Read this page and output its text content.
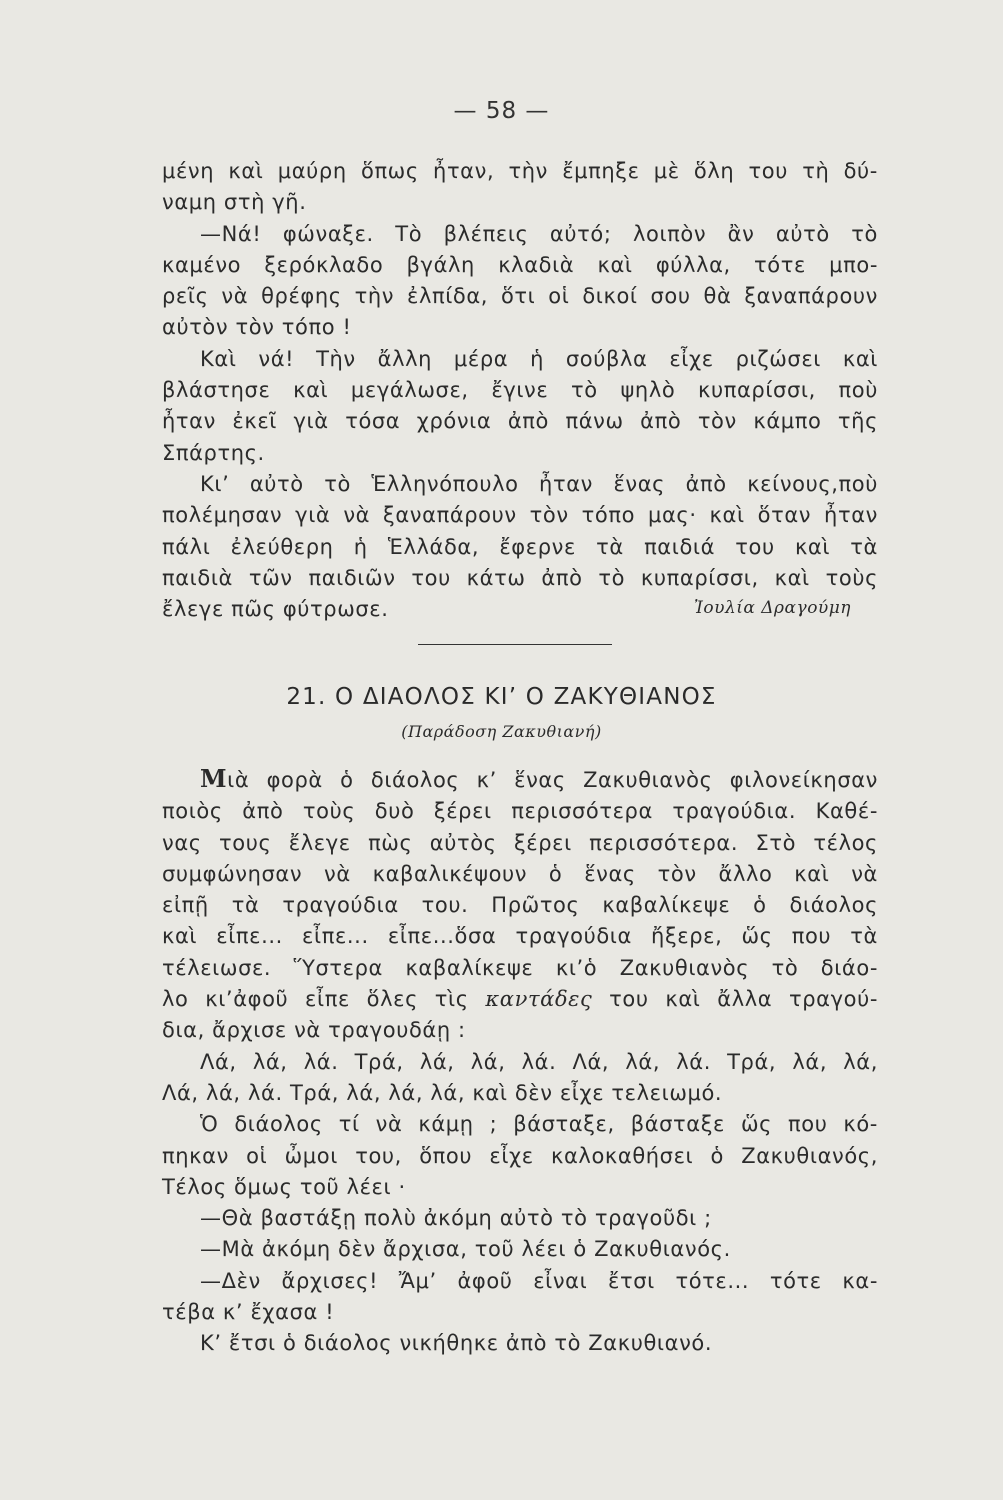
— 58 —
μένη καὶ μαύρη ὅπως ἦταν, τὴν ἔμπηξε μὲ ὅλη του τὴ δύ-
ναμη στὴ γῆ.
—Νά! φώναξε. Τὸ βλέπεις αὐτό; λοιπὸν ἂν αὐτὸ τὸ
καμένο ξερόκλαδο βγάλη κλαδιὰ καὶ φύλλα, τότε μπο-
ρεῖς νὰ θρέφης τὴν ἐλπίδα, ὅτι οἱ δικοί σου θὰ ξαναπάρουν
αὐτὸν τὸν τόπο !
Καὶ νά! Τὴν ἄλλη μέρα ἡ σούβλα εἶχε ριζώσει καὶ
βλάστησε καὶ μεγάλωσε, ἔγινε τὸ ψηλὸ κυπαρίσσι, ποὺ
ἦταν ἐκεῖ γιὰ τόσα χρόνια ἀπὸ πάνω ἀπὸ τὸν κάμπο τῆς
Σπάρτης.
Κι’ αὐτὸ τὸ Ἑλληνόπουλο ἦταν ἕνας ἀπὸ κείνους,ποὺ
πολέμησαν γιὰ νὰ ξαναπάρουν τὸν τόπο μας· καὶ ὅταν ἦταν
πάλι ἐλεύθερη ἡ Ἑλλάδα, ἔφερνε τὰ παιδιά του καὶ τὰ
παιδιὰ τῶν παιδιῶν του κάτω ἀπὸ τὸ κυπαρίσσι, καὶ τοὺς
ἔλεγε πῶς φύτρωσε.	Ἰουλία Δραγούμη
21. Ο ΔΙΑΟΛΟΣ ΚΙ’ Ο ΖΑΚΥΘΙΑΝΟΣ
(Παράδοση Ζακυθιανή)
Μιὰ φορὰ ὁ διάολος κ’ ἕνας Ζακυθιανὸς φιλονείκησαν
ποιὸς ἀπὸ τοὺς δυὸ ξέρει περισσότερα τραγούδια. Καθέ-
νας τους ἔλεγε πὼς αὐτὸς ξέρει περισσότερα. Στὸ τέλος
συμφώνησαν νὰ καβαλικέψουν ὁ ἕνας τὸν ἄλλο καὶ νὰ
εἰπῇ τὰ τραγούδια του. Πρῶτος καβαλίκεψε ὁ διάολος
καὶ εἶπε... εἶπε... εἶπε...ὅσα τραγούδια ἤξερε, ὥς που τὰ
τέλειωσε. Ὕστερα καβαλίκεψε κι’ὁ Ζακυθιανὸς τὸ διάο-
λο κι’ἀφοῦ εἶπε ὅλες τὶς καντάδες του καὶ ἄλλα τραγού-
δια, ἄρχισε νὰ τραγουδάῃ :
Λά, λά, λά. Τρά, λά, λά, λά. Λά, λά, λά. Τρά, λά, λά,
Λά, λά, λά. Τρά, λά, λά, λά, καὶ δὲν εἶχε τελειωμό.
Ὁ διάολος τί νὰ κάμῃ ; βάσταξε, βάσταξε ὥς που κό-
πηκαν οἱ ὦμοι του, ὅπου εἶχε καλοκαθήσει ὁ Ζακυθιανός,
Τέλος ὅμως τοῦ λέει ·
—Θὰ βαστάξῃ πολὺ ἀκόμη αὐτὸ τὸ τραγοῦδι ;
—Μὰ ἀκόμη δὲν ἄρχισα, τοῦ λέει ὁ Ζακυθιανός.
—Δὲν ἄρχισες! Ἄμ’ ἀφοῦ εἶναι ἔτσι τότε... τότε κα-
τέβα κ’ ἔχασα !
Κ’ ἔτσι ὁ διάολος νικήθηκε ἀπὸ τὸ Ζακυθιανό.
